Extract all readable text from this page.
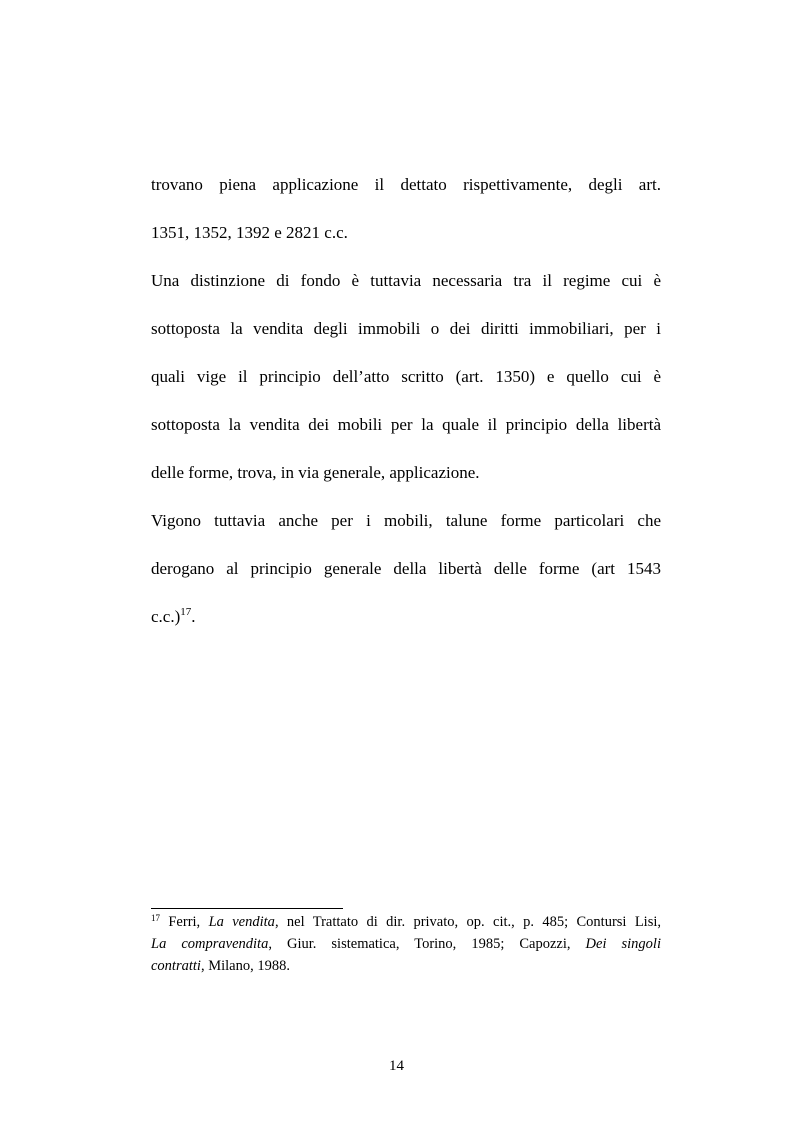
trovano piena applicazione il dettato rispettivamente, degli art.
1351, 1352, 1392 e 2821 c.c.
Una distinzione di fondo è tuttavia necessaria tra il regime cui è
sottoposta la vendita degli immobili o dei diritti immobiliari, per i
quali vige il principio dell’atto scritto (art. 1350) e quello cui è
sottoposta la vendita dei mobili per la quale il principio della libertà
delle forme, trova, in via generale, applicazione.
Vigono tuttavia anche per i mobili, talune forme particolari che
derogano al principio generale della libertà delle forme (art 1543
c.c.)$^{17}$.
$^{17}$ Ferri, La vendita, nel Trattato di dir. privato, op. cit., p. 485; Contursi Lisi,
La compravendita, Giur. sistematica, Torino, 1985; Capozzi, Dei singoli
contratti, Milano, 1988.
14
